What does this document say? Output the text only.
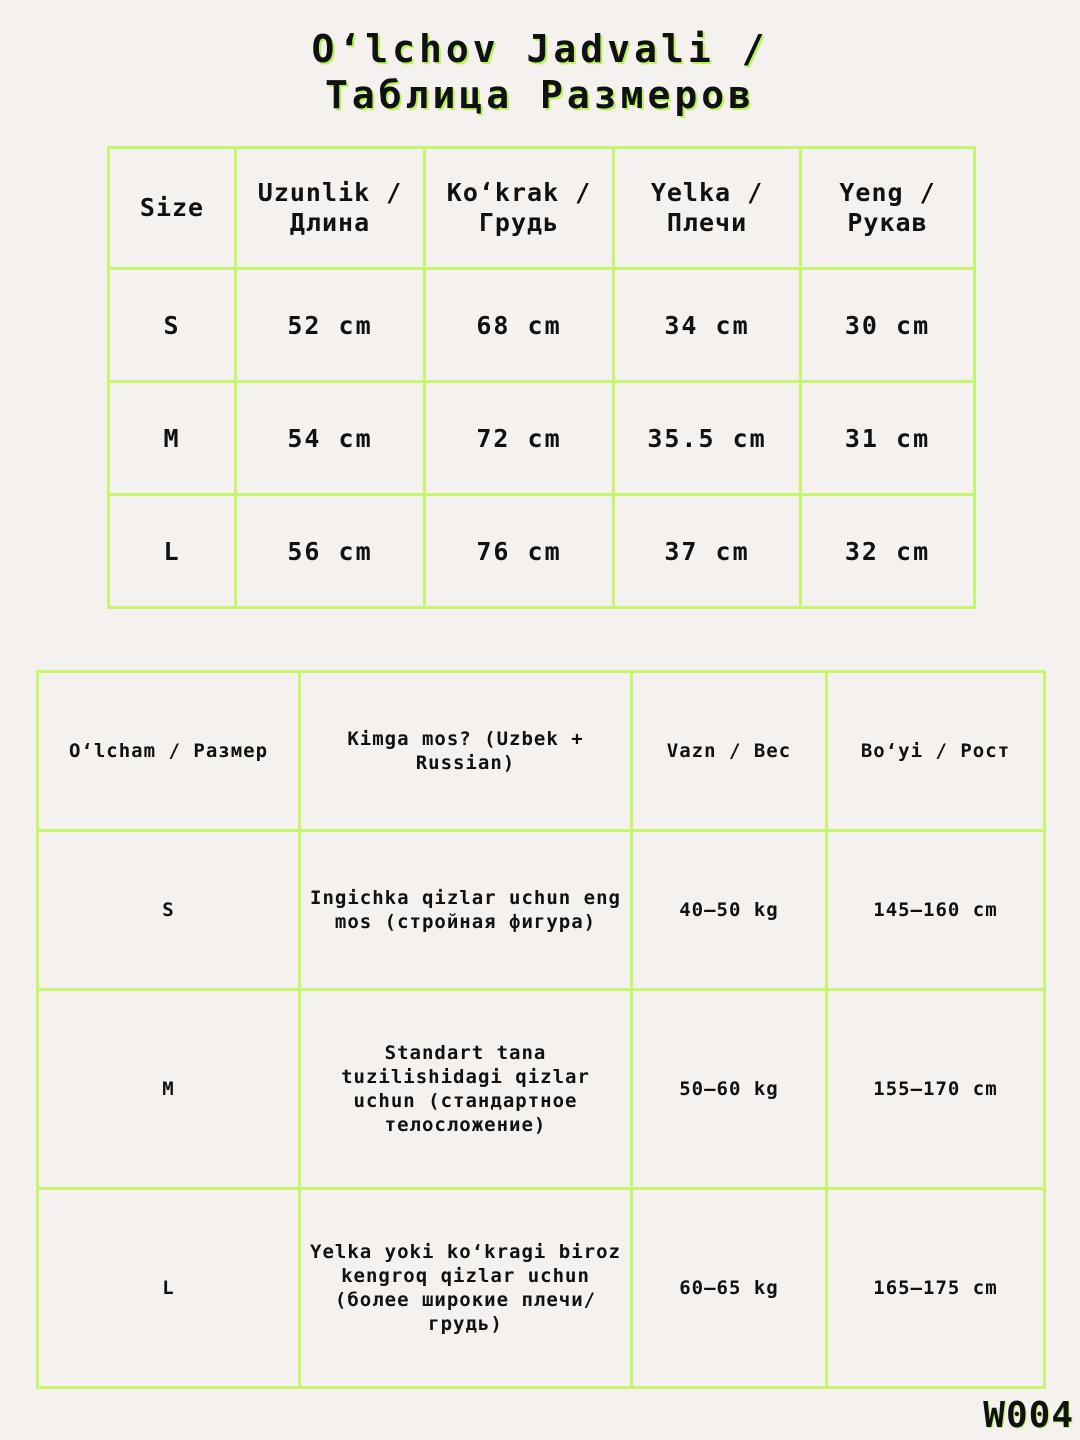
O‘lchov Jadvali /
Таблица Размеров
Size	Uzunlik / Длина	Ko‘krak / Грудь	Yelka / Плечи	Yeng / Рукав
S	52 cm	68 cm	34 cm	30 cm
M	54 cm	72 cm	35.5 cm	31 cm
L	56 cm	76 cm	37 cm	32 cm
O‘lcham / Размер	Kimga mos? (Uzbek + Russian)	Vazn / Вес	Bo‘yi / Рост
S	Ingichka qizlar uchun eng mos (стройная фигура)	40–50 kg	145–160 cm
M	Standart tana tuzilishidagi qizlar uchun (стандартное телосложение)	50–60 kg	155–170 cm
L	Yelka yoki ko‘kragi biroz kengroq qizlar uchun (более широкие плечи/грудь)	60–65 kg	165–175 cm
W004
